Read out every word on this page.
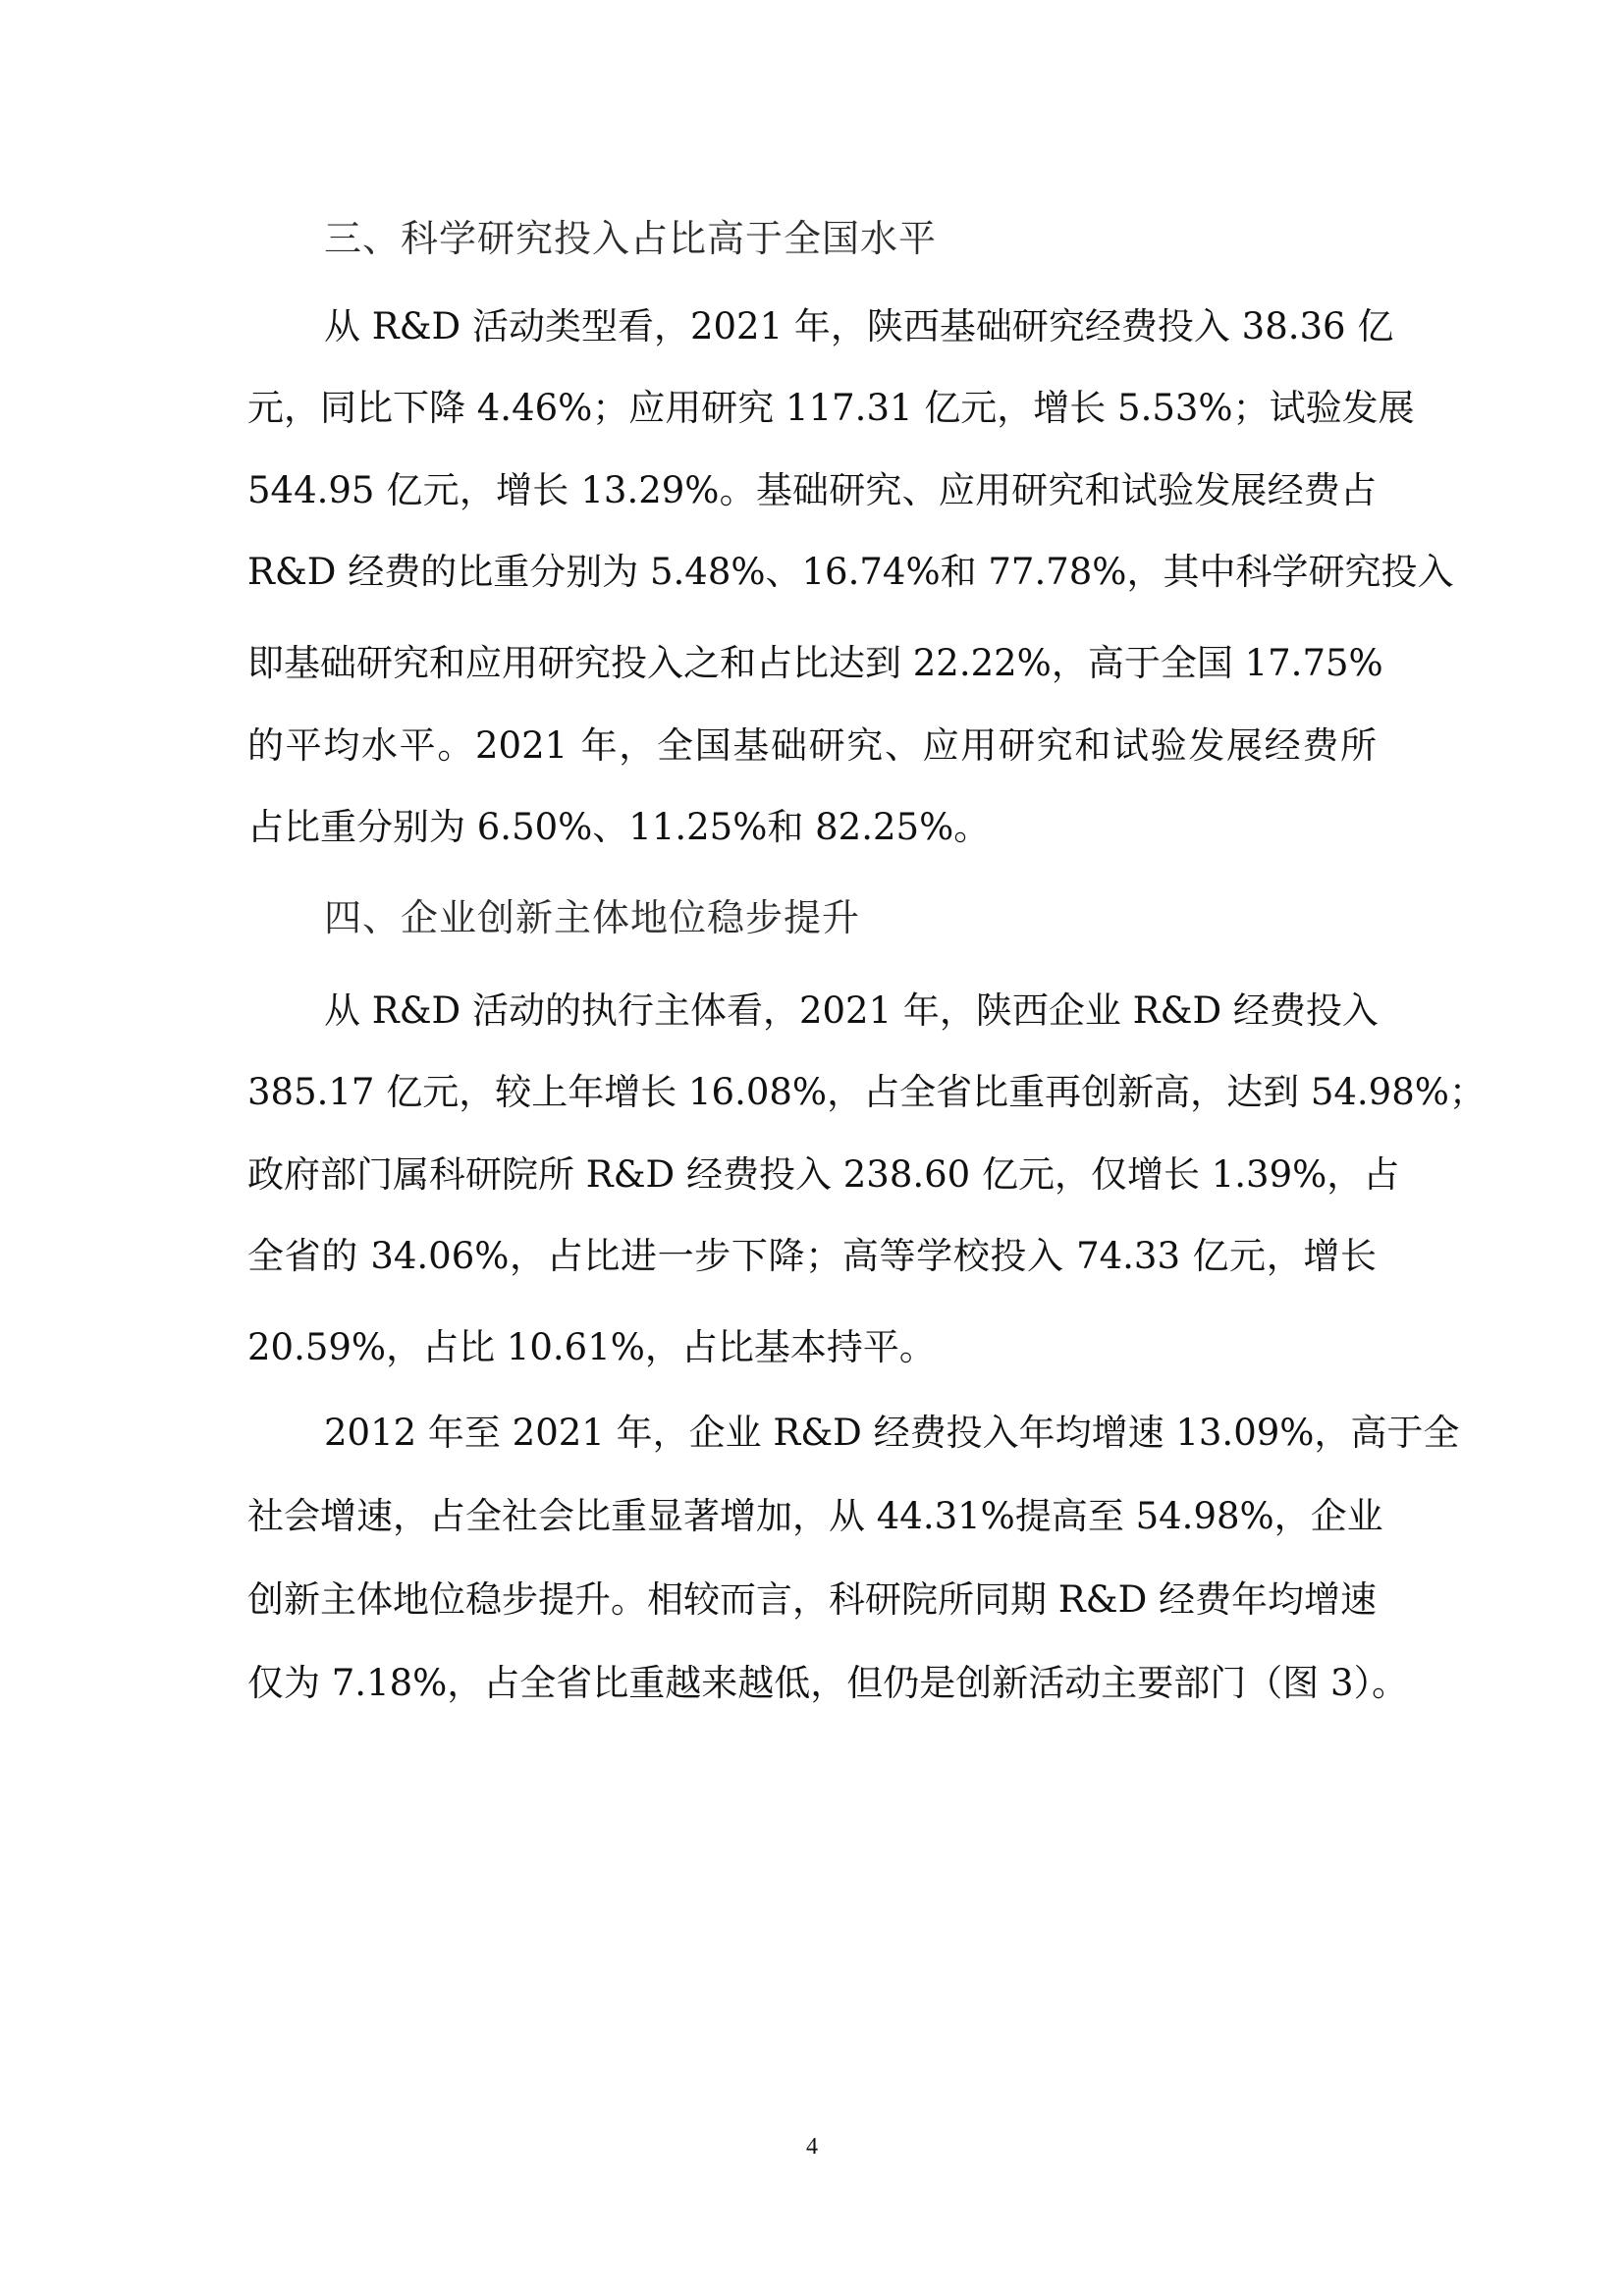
三、科学研究投入占比高于全国水平
从 R&D 活动类型看，2021 年，陕西基础研究经费投入 38.36 亿
元，同比下降 4.46%；应用研究 117.31 亿元，增长 5.53%；试验发展
544.95 亿元，增长 13.29%。基础研究、应用研究和试验发展经费占
R&D 经费的比重分别为 5.48%、16.74%和 77.78%，其中科学研究投入
即基础研究和应用研究投入之和占比达到 22.22%，高于全国 17.75%
的平均水平。2021 年，全国基础研究、应用研究和试验发展经费所
占比重分别为 6.50%、11.25%和 82.25%。
四、企业创新主体地位稳步提升
从 R&D 活动的执行主体看，2021 年，陕西企业 R&D 经费投入
385.17 亿元，较上年增长 16.08%，占全省比重再创新高，达到 54.98%；
政府部门属科研院所 R&D 经费投入 238.60 亿元，仅增长 1.39%，占
全省的 34.06%，占比进一步下降；高等学校投入 74.33 亿元，增长
20.59%，占比 10.61%，占比基本持平。
2012 年至 2021 年，企业 R&D 经费投入年均增速 13.09%，高于全
社会增速，占全社会比重显著增加，从 44.31%提高至 54.98%，企业
创新主体地位稳步提升。相较而言，科研院所同期 R&D 经费年均增速
仅为 7.18%，占全省比重越来越低，但仍是创新活动主要部门（图 3）。
4
